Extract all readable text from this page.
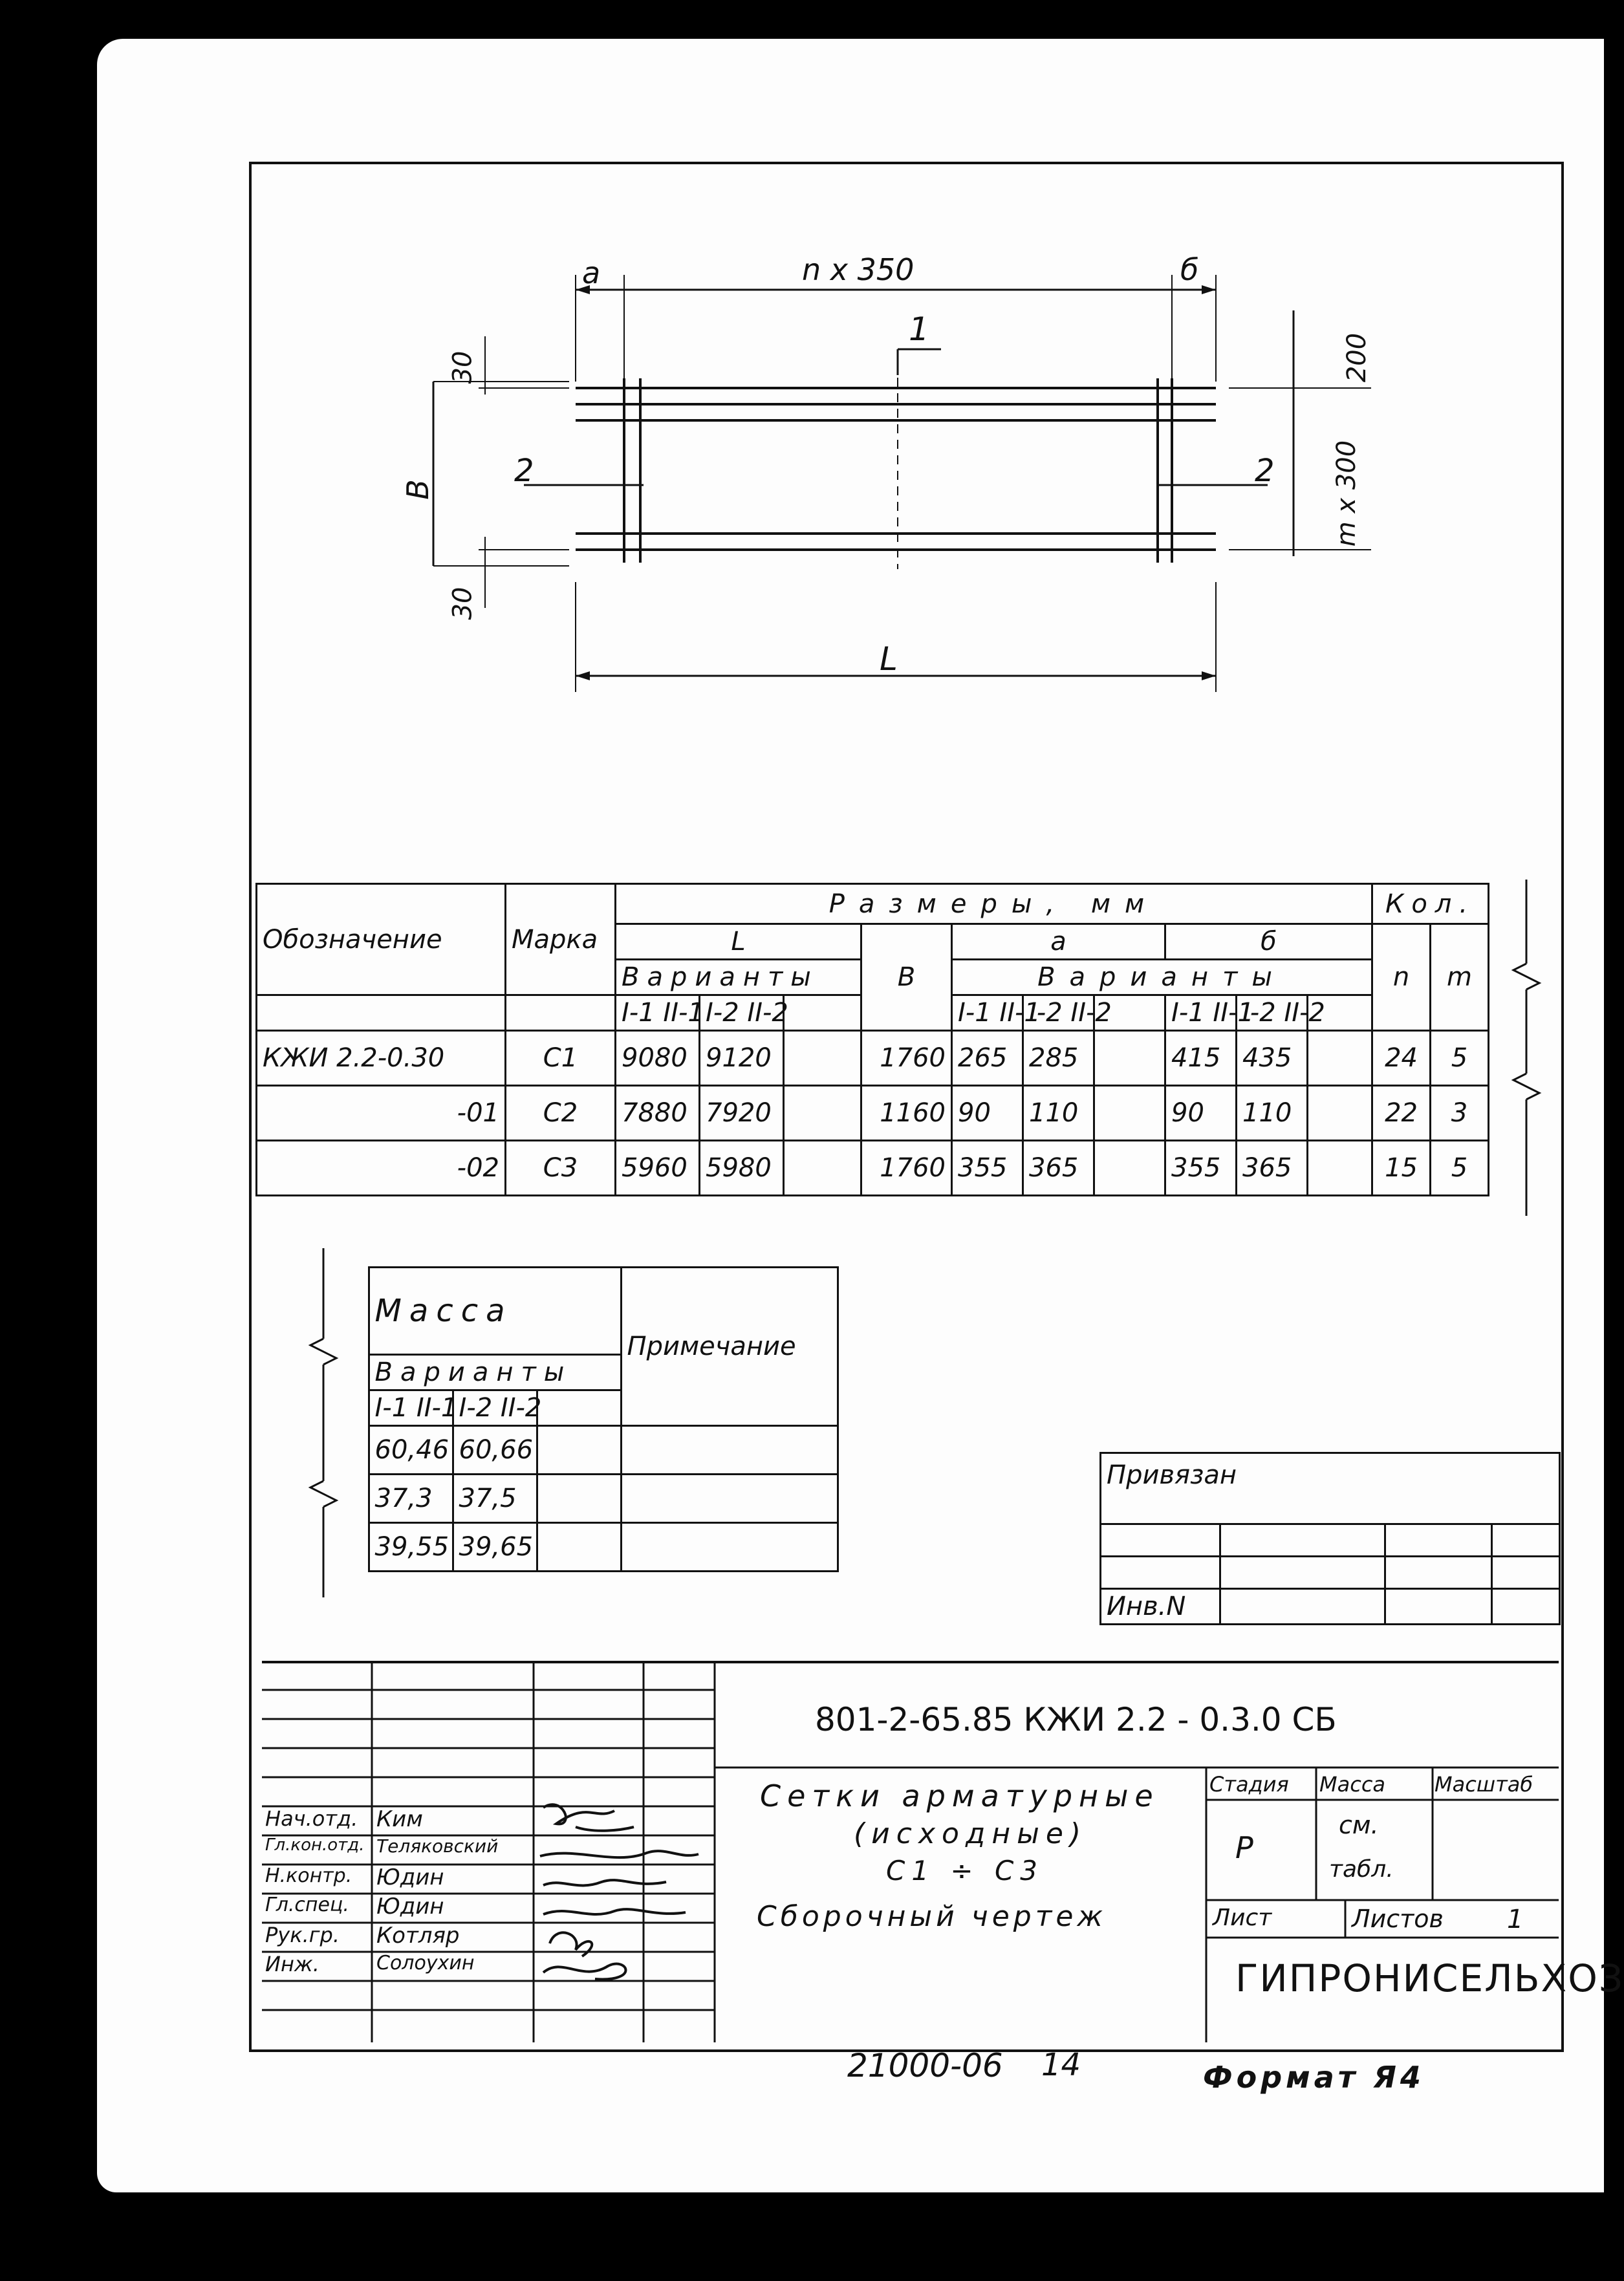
a	n x 350	б
1
30
30
B
200
m x 300
2	2
L
Обозначение	Марка	Размеры, мм										Кол.	
		L			B	a			б			n	m
		Варианты				Варианты							
		I-1 II-1	I-2 II-2			I-1 II-1	I-2 II-2		I-1 II-1	I-2 II-2			
КЖИ 2.2-0.30	С1	9080	9120		1760	265	285		415	435		24	5
-01	С2	7880	7920		1160	90	110		90	110		22	3
-02	С3	5960	5980		1760	355	365		355	365		15	5
	Масса			Примечание
	Варианты			
	I-1 II-1	I-2 II-2		
	60,46	60,66		
	37,3	37,5		
	39,55	39,65		
Привязан			

Инв.N			
Нач.отд. Ким
Гл.кон.отд. Теляковский
Н.контр. Юдин
Гл.спец. Юдин
Рук.гр. Котляр
Инж.	Солоухин
801-2-65.85 КЖИ 2.2 - 0.3.0 СБ
Сетки арматурные
(исходные)
С1 ÷ С3
Сборочный чертеж
Стадия Масса Масштаб
Р
см.
табл.
Лист	Листов 1
ГИПРОНИСЕЛЬХОЗ
21000-06 14	Формат Я4
